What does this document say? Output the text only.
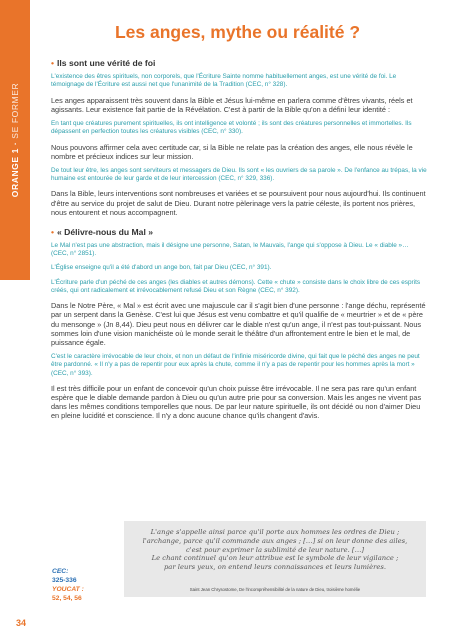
ORANGE 1 · SE FORMER
Les anges, mythe ou réalité ?
• Ils sont une vérité de foi

L'existence des êtres spirituels, non corporels, que l'Écriture Sainte nomme habituellement anges, est une vérité de foi. Le témoignage de l'Écriture est aussi net que l'unanimité de la Tradition (CEC, n° 328).

Les anges apparaissent très souvent dans la Bible et Jésus lui-même en parlera comme d'êtres vivants, réels et agissants. Leur existence fait partie de la Révélation. C'est à partir de la Bible qu'on a défini leur identité :

En tant que créatures purement spirituelles, ils ont intelligence et volonté ; ils sont des créatures personnelles et immortelles. Ils dépassent en perfection toutes les créatures visibles (CEC, n° 330).

Nous pouvons affirmer cela avec certitude car, si la Bible ne relate pas la création des anges, elle nous révèle le nombre et précieux indices sur leur mission.

De tout leur être, les anges sont serviteurs et messagers de Dieu. Ils sont « les ouvriers de sa parole ». De l'enfance au trépas, la vie humaine est entourée de leur garde et de leur intercession (CEC, n° 329, 336).

Dans la Bible, leurs interventions sont nombreuses et variées et se poursuivent pour nous aujourd'hui. Ils continuent d'être au service du projet de salut de Dieu. Durant notre pèlerinage vers la patrie céleste, ils portent nos prières, nous entourent et nous accompagnent.

• « Délivre-nous du Mal »

Le Mal n'est pas une abstraction, mais il désigne une personne, Satan, le Mauvais, l'ange qui s'oppose à Dieu. Le « diable »… (CEC, n° 2851).

L'Église enseigne qu'il a été d'abord un ange bon, fait par Dieu (CEC, n° 391).

L'Écriture parle d'un péché de ces anges (les diables et autres démons). Cette « chute » consiste dans le choix libre de ces esprits créés, qui ont radicalement et irrévocablement refusé Dieu et son Règne (CEC, n° 392).

Dans le Notre Père, « Mal » est écrit avec une majuscule car il s'agit bien d'une personne : l'ange déchu, représenté par un serpent dans la Genèse. C'est lui que Jésus est venu combattre et qu'il qualifie de « meurtrier » et de « père du mensonge » (Jn 8,44). Dieu peut nous en délivrer car le diable n'est qu'un ange, il n'est pas tout-puissant. Nous sommes loin d'une vision manichéiste où le monde serait le théâtre d'un affrontement entre le bien et le mal, de puissance égale.

C'est le caractère irrévocable de leur choix, et non un défaut de l'infinie miséricorde divine, qui fait que le péché des anges ne peut être pardonné. « Il n'y a pas de repentir pour eux après la chute, comme il n'y a pas de repentir pour les hommes après la mort » (CEC, n° 393).

Il est très difficile pour un enfant de concevoir qu'un choix puisse être irrévocable. Il ne sera pas rare qu'un enfant espère que le diable demande pardon à Dieu ou qu'un autre prie pour sa conversion. Mais les anges ne vivent pas dans les mêmes conditions temporelles que nous. De par leur nature spirituelle, ils ont décidé ou non d'aimer Dieu en pleine lucidité et conscience. Il n'y a donc aucune chance qu'ils changent d'avis.

L'ange s'appelle ainsi parce qu'il porte aux hommes les ordres de Dieu ;
l'archange, parce qu'il commande aux anges ; […] si on leur donne des ailes,
c'est pour exprimer la sublimité de leur nature. […]
Le chant continuel qu'on leur attribue est le symbole de leur vigilance ;
par leurs yeux, on entend leurs connaissances et leurs lumières.
Saint Jean Chrysostome, De l'incompréhensibilité de la nature de Dieu, troisième homélie
CEC:
325-336
YOUCAT :
52, 54, 56
34
